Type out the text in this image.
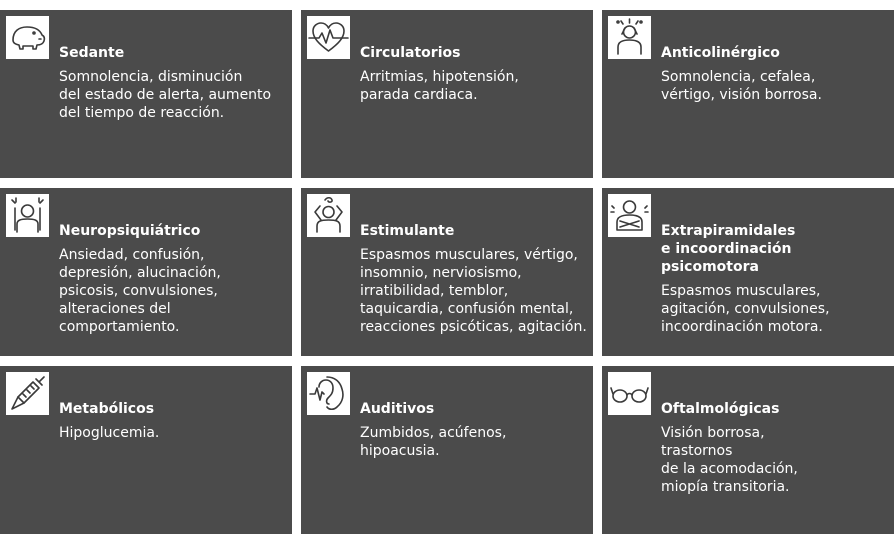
Sedante
Somnolencia, disminución
del estado de alerta, aumento
del tiempo de reacción.
Circulatorios
Arritmias, hipotensión,
parada cardiaca.
Anticolinérgico
Somnolencia, cefalea,
vértigo, visión borrosa.
Neuropsiquiátrico
Ansiedad, confusión,
depresión, alucinación,
psicosis, convulsiones,
alteraciones del
comportamiento.
Estimulante
Espasmos musculares, vértigo,
insomnio, nerviosismo,
irratibilidad, temblor,
taquicardia, confusión mental,
reacciones psicóticas, agitación.
Extrapiramidales
e incoordinación
psicomotora
Espasmos musculares,
agitación, convulsiones,
incoordinación motora.
Metabólicos
Hipoglucemia.
Auditivos
Zumbidos, acúfenos,
hipoacusia.
Oftalmológicas
Visión borrosa,
trastornos
de la acomodación,
miopía transitoria.
